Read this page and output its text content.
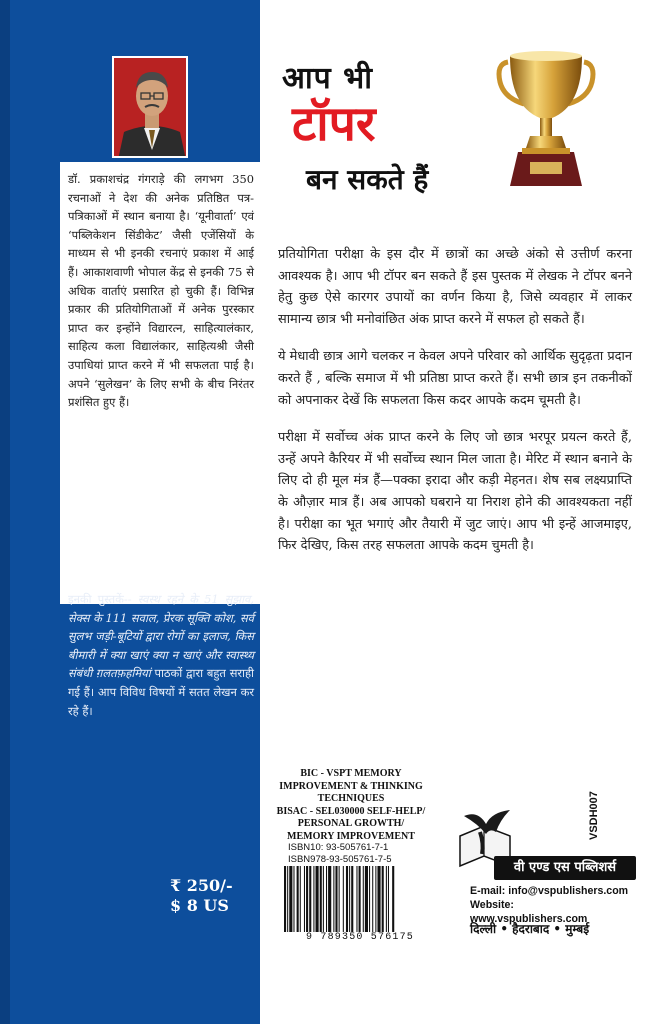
डॉ. प्रकाशचंद्र गंगराड़े की लगभग 350 रचनाओं ने देश की अनेक प्रतिष्ठित पत्र-पत्रिकाओं में स्थान बनाया है। ‘यूनीवार्ता’ एवं ‘पब्लिकेशन सिंडीकेट’ जैसी एजेंसियों के माध्यम से भी इनकी रचनाएं प्रकाश में आई हैं। आकाशवाणी भोपाल केंद्र से इनकी 75 से अधिक वार्ताएं प्रसारित हो चुकी हैं। विभिन्न प्रकार की प्रतियोगिताओं में अनेक पुरस्कार प्राप्त कर इन्होंने विद्यारत्न, साहित्यालंकार, साहित्य कला विद्यालंकार, साहित्यश्री जैसी उपाधियां प्राप्त करने में भी सफलता पाई है। अपने ‘सुलेखन’ के लिए सभी के बीच निरंतर प्रशंसित हुए हैं।
इनकी पुस्तकें-- स्वस्थ रहने के 51 सुझाव, सेक्स के 111 सवाल, प्रेरक सूक्ति कोश, सर्व सुलभ जड़ी-बूटियों द्वारा रोगों का इलाज, किस बीमारी में क्या खाएं क्या न खाएं और स्वास्थ्य संबंधी ग़लतफ़हमियां पाठकों द्वारा बहुत सराही गई हैं। आप विविध विषयों में सतत लेखन कर रहे हैं।
₹ 250/-
$ 8 US
आप भी
टॉपर
बन सकते हैं

प्रतियोगिता परीक्षा के इस दौर में छात्रों का अच्छे अंको से उत्तीर्ण करना आवश्यक है। आप भी टॉपर बन सकते हैं इस पुस्तक में लेखक ने टॉपर बनने हेतु कुछ ऐसे कारगर उपायों का वर्णन किया है, जिसे व्यवहार में लाकर सामान्य छात्र भी मनोवांछित अंक प्राप्त करने में सफल हो सकते हैं।

ये मेधावी छात्र आगे चलकर न केवल अपने परिवार को आर्थिक सुदृढ़ता प्रदान करते हैं , बल्कि समाज में भी प्रतिष्ठा प्राप्त करते हैं। सभी छात्र इन तकनीकों को अपनाकर देखें कि सफलता किस कदर आपके कदम चूमती है।

परीक्षा में सर्वोच्च अंक प्राप्त करने के लिए जो छात्र भरपूर प्रयत्न करते हैं, उन्हें अपने कैरियर में भी सर्वोच्च स्थान मिल जाता है। मेरिट में स्थान बनाने के लिए दो ही मूल मंत्र हैं—पक्का इरादा और कड़ी मेहनत। शेष सब लक्ष्यप्राप्ति के औज़ार मात्र हैं। अब आपको घबराने या निराश होने की आवश्यकता नहीं है। परीक्षा का भूत भगाएं और तैयारी में जुट जाएं। आप भी इन्हें आजमाइए, फिर देखिए, किस तरह सफलता आपके कदम चुमती है।

BIC - VSPT MEMORY
IMPROVEMENT & THINKING
TECHNIQUES
BISAC - SEL030000 SELF-HELP/
PERSONAL GROWTH/
MEMORY IMPROVEMENT
ISBN10: 93-505761-7-1
ISBN978-93-505761-7-5
9 789350 576175
VSDH007
वी एण्ड एस पब्लिशर्स
E-mail: info@vspublishers.com
Website: www.vspublishers.com
दिल्ली • हैदराबाद • मुम्बई
